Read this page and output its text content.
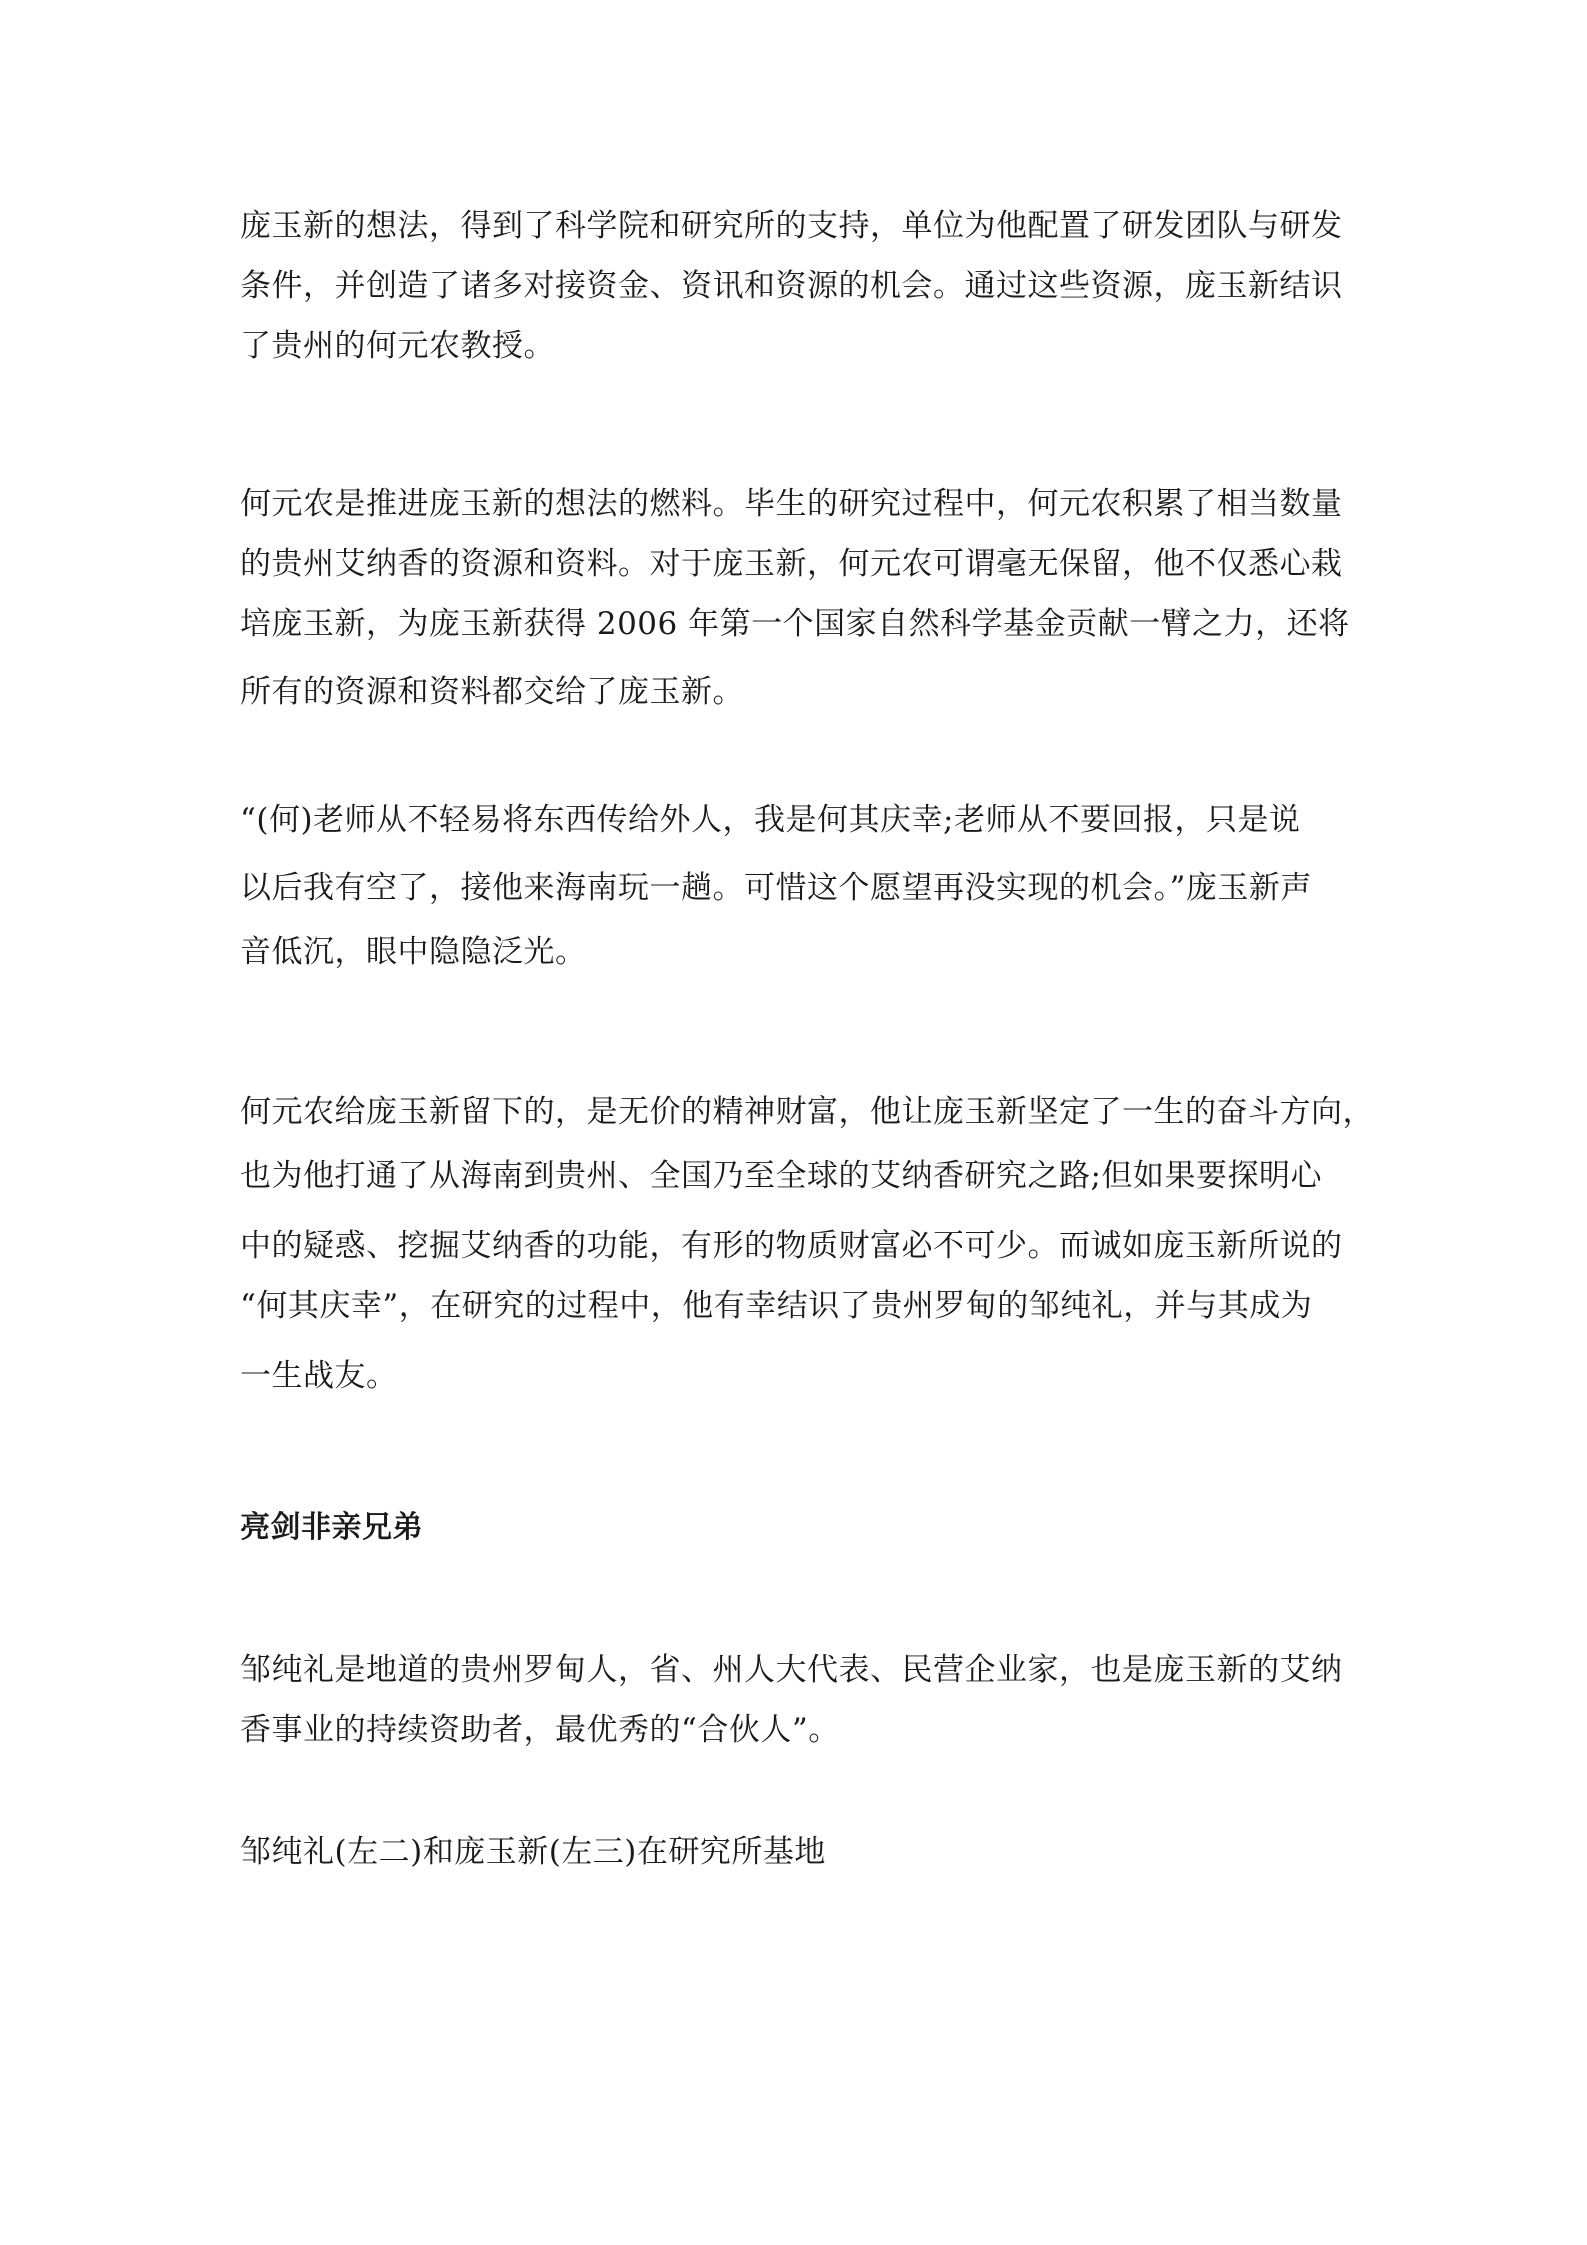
庞玉新的想法，得到了科学院和研究所的支持，单位为他配置了研发团队与研发
条件，并创造了诸多对接资金、资讯和资源的机会。通过这些资源，庞玉新结识
了贵州的何元农教授。
何元农是推进庞玉新的想法的燃料。毕生的研究过程中，何元农积累了相当数量
的贵州艾纳香的资源和资料。对于庞玉新，何元农可谓毫无保留，他不仅悉心栽
培庞玉新，为庞玉新获得 2006 年第一个国家自然科学基金贡献一臂之力，还将
所有的资源和资料都交给了庞玉新。
“(何)老师从不轻易将东西传给外人，我是何其庆幸;老师从不要回报，只是说
以后我有空了，接他来海南玩一趟。可惜这个愿望再没实现的机会。”庞玉新声
音低沉，眼中隐隐泛光。
何元农给庞玉新留下的，是无价的精神财富，他让庞玉新坚定了一生的奋斗方向，
也为他打通了从海南到贵州、全国乃至全球的艾纳香研究之路;但如果要探明心
中的疑惑、挖掘艾纳香的功能，有形的物质财富必不可少。而诚如庞玉新所说的
“何其庆幸”，在研究的过程中，他有幸结识了贵州罗甸的邹纯礼，并与其成为
一生战友。
亮剑非亲兄弟
邹纯礼是地道的贵州罗甸人，省、州人大代表、民营企业家，也是庞玉新的艾纳
香事业的持续资助者，最优秀的“合伙人”。
邹纯礼(左二)和庞玉新(左三)在研究所基地
